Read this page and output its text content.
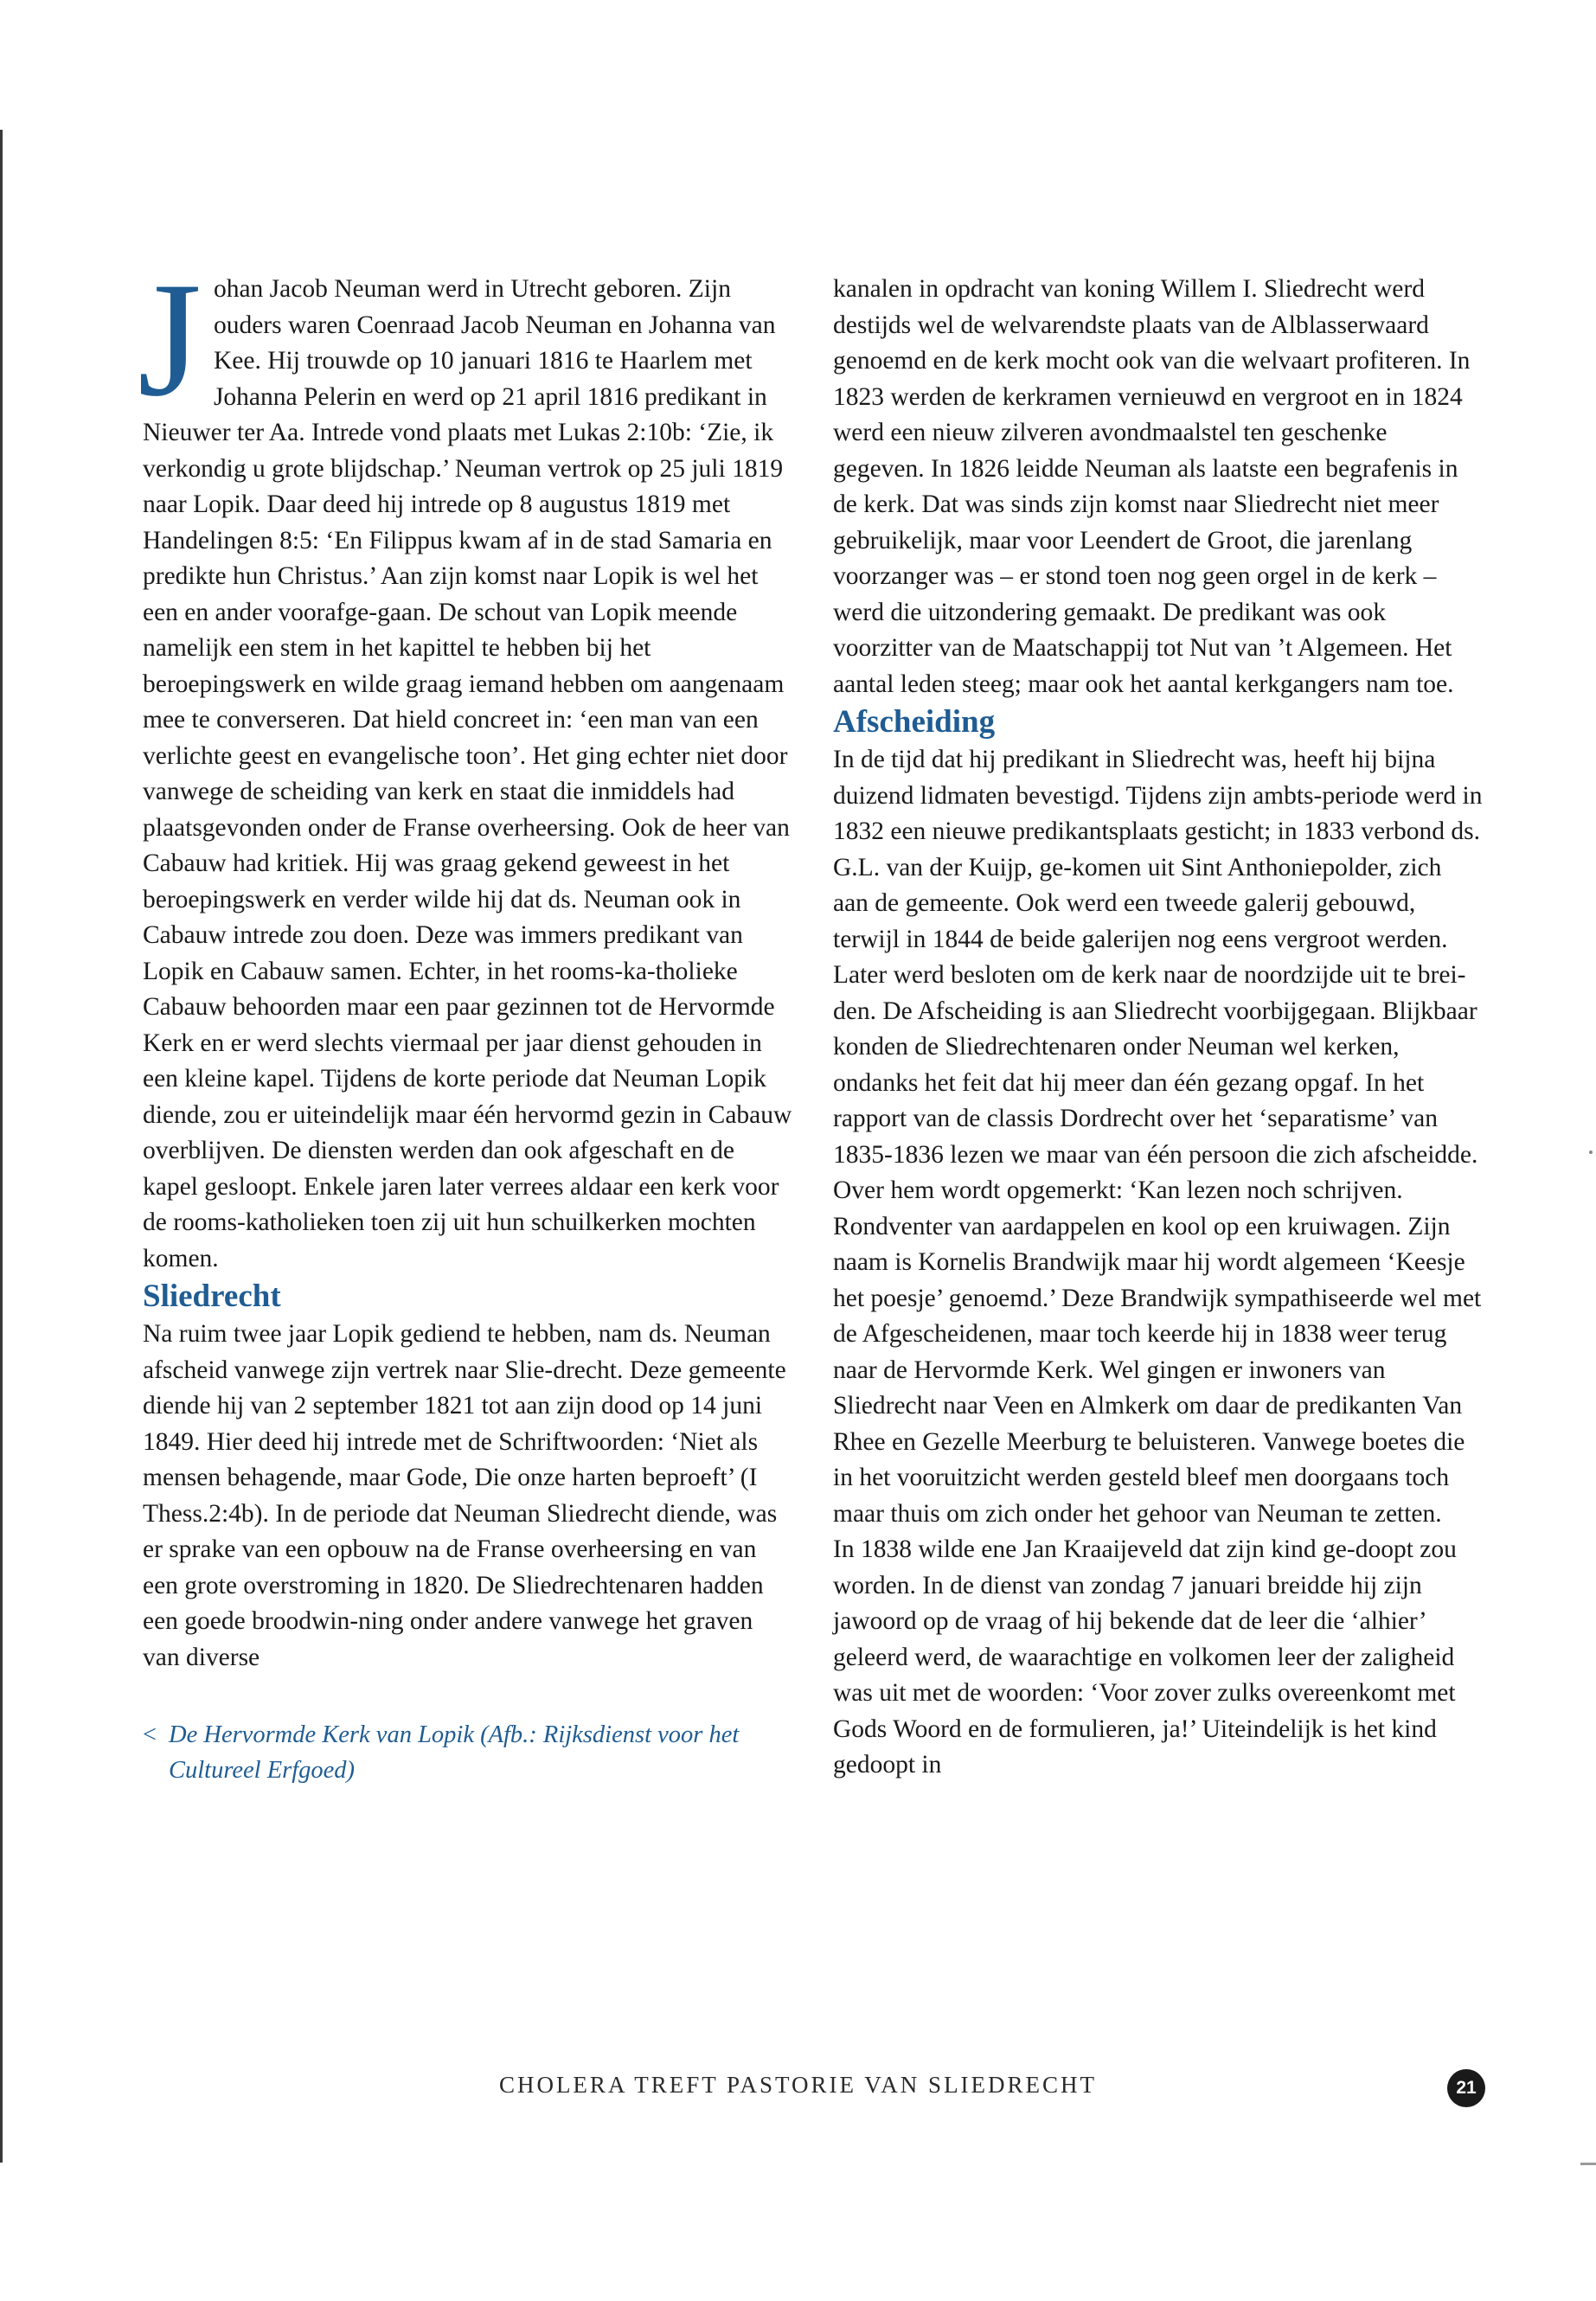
Johan Jacob Neuman werd in Utrecht geboren. Zijn ouders waren Coenraad Jacob Neuman en Johanna van Kee. Hij trouwde op 10 januari 1816 te Haarlem met Johanna Pelerin en werd op 21 april 1816 predikant in Nieuwer ter Aa. Intrede vond plaats met Lukas 2:10b: ‘Zie, ik verkondig u grote blijdschap.’ Neuman vertrok op 25 juli 1819 naar Lopik. Daar deed hij intrede op 8 augustus 1819 met Handelingen 8:5: ‘En Filippus kwam af in de stad Samaria en predikte hun Christus.’ Aan zijn komst naar Lopik is wel het een en ander voorafge-gaan. De schout van Lopik meende namelijk een stem in het kapittel te hebben bij het beroepingswerk en wilde graag iemand hebben om aangenaam mee te converseren. Dat hield concreet in: ‘een man van een verlichte geest en evangelische toon’. Het ging echter niet door vanwege de scheiding van kerk en staat die inmiddels had plaatsgevonden onder de Franse overheersing. Ook de heer van Cabauw had kritiek. Hij was graag gekend geweest in het beroepingswerk en verder wilde hij dat ds. Neuman ook in Cabauw intrede zou doen. Deze was immers predikant van Lopik en Cabauw samen. Echter, in het rooms-ka-tholieke Cabauw behoorden maar een paar gezinnen tot de Hervormde Kerk en er werd slechts viermaal per jaar dienst gehouden in een kleine kapel. Tijdens de korte periode dat Neuman Lopik diende, zou er uiteindelijk maar één hervormd gezin in Cabauw overblijven. De diensten werden dan ook afgeschaft en de kapel gesloopt. Enkele jaren later verrees aldaar een kerk voor de rooms-katholieken toen zij uit hun schuilkerken mochten komen.

Sliedrecht

Na ruim twee jaar Lopik gediend te hebben, nam ds. Neuman afscheid vanwege zijn vertrek naar Slie-drecht. Deze gemeente diende hij van 2 september 1821 tot aan zijn dood op 14 juni 1849. Hier deed hij intrede met de Schriftwoorden: ‘Niet als mensen behagende, maar Gode, Die onze harten beproeft’ (I Thess.2:4b). In de periode dat Neuman Sliedrecht diende, was er sprake van een opbouw na de Franse overheersing en van een grote overstroming in 1820. De Sliedrechtenaren hadden een goede broodwin-ning onder andere vanwege het graven van diverse

< De Hervormde Kerk van Lopik (Afb.: Rijksdienst voor het Cultureel Erfgoed)

kanalen in opdracht van koning Willem I. Sliedrecht werd destijds wel de welvarendste plaats van de Alblasserwaard genoemd en de kerk mocht ook van die welvaart profiteren. In 1823 werden de kerkramen vernieuwd en vergroot en in 1824 werd een nieuw zilveren avondmaalstel ten geschenke gegeven. In 1826 leidde Neuman als laatste een begrafenis in de kerk. Dat was sinds zijn komst naar Sliedrecht niet meer gebruikelijk, maar voor Leendert de Groot, die jarenlang voorzanger was – er stond toen nog geen orgel in de kerk – werd die uitzondering gemaakt. De predikant was ook voorzitter van de Maatschappij tot Nut van ’t Algemeen. Het aantal leden steeg; maar ook het aantal kerkgangers nam toe.

Afscheiding

In de tijd dat hij predikant in Sliedrecht was, heeft hij bijna duizend lidmaten bevestigd. Tijdens zijn ambts-periode werd in 1832 een nieuwe predikantsplaats gesticht; in 1833 verbond ds. G.L. van der Kuijp, ge-komen uit Sint Anthoniepolder, zich aan de gemeente. Ook werd een tweede galerij gebouwd, terwijl in 1844 de beide galerijen nog eens vergroot werden. Later werd besloten om de kerk naar de noordzijde uit te brei-den. De Afscheiding is aan Sliedrecht voorbijgegaan. Blijkbaar konden de Sliedrechtenaren onder Neuman wel kerken, ondanks het feit dat hij meer dan één gezang opgaf. In het rapport van de classis Dordrecht over het ‘separatisme’ van 1835-1836 lezen we maar van één persoon die zich afscheidde. Over hem wordt opgemerkt: ‘Kan lezen noch schrijven. Rondventer van aardappelen en kool op een kruiwagen. Zijn naam is Kornelis Brandwijk maar hij wordt algemeen ‘Keesje het poesje’ genoemd.’ Deze Brandwijk sympathiseerde wel met de Afgescheidenen, maar toch keerde hij in 1838 weer terug naar de Hervormde Kerk. Wel gingen er inwoners van Sliedrecht naar Veen en Almkerk om daar de predikanten Van Rhee en Gezelle Meerburg te beluisteren. Vanwege boetes die in het vooruitzicht werden gesteld bleef men doorgaans toch maar thuis om zich onder het gehoor van Neuman te zetten.

In 1838 wilde ene Jan Kraaijeveld dat zijn kind ge-doopt zou worden. In de dienst van zondag 7 januari breidde hij zijn jawoord op de vraag of hij bekende dat de leer die ‘alhier’ geleerd werd, de waarachtige en volkomen leer der zaligheid was uit met de woorden: ‘Voor zover zulks overeenkomt met Gods Woord en de formulieren, ja!’ Uiteindelijk is het kind gedoopt in

CHOLERA TREFT PASTORIE VAN SLIEDRECHT	21
